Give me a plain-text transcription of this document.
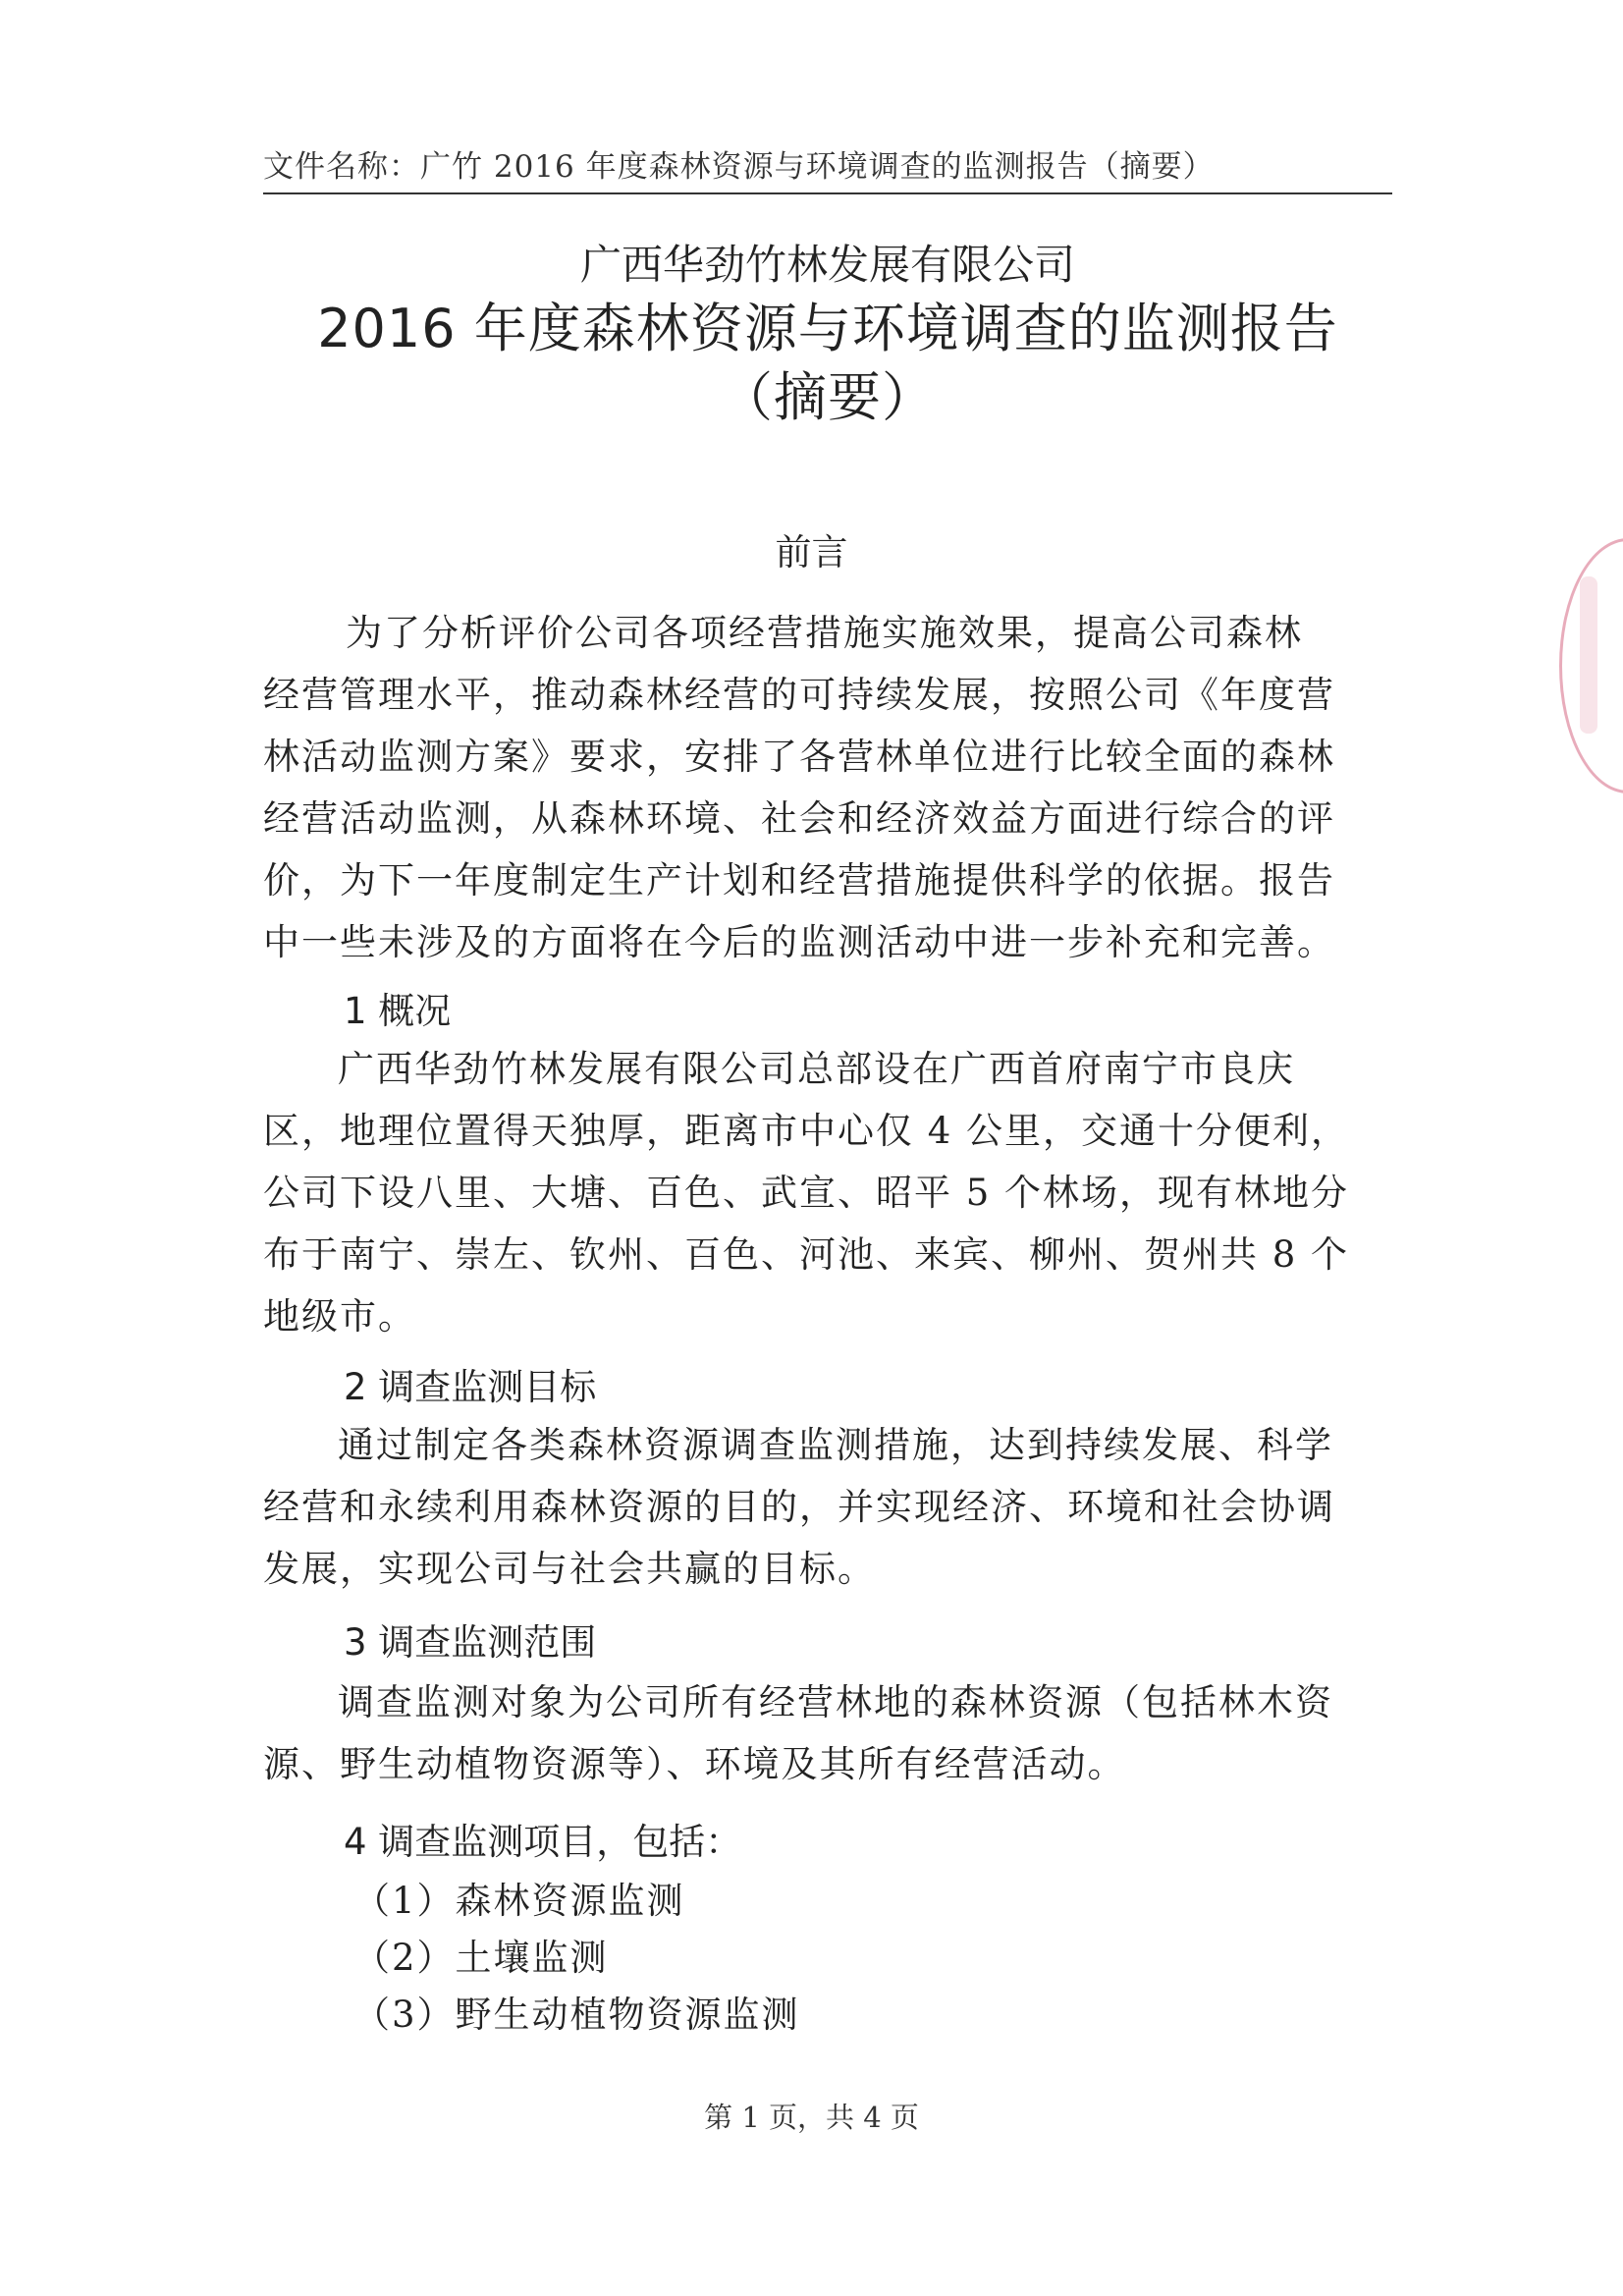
文件名称：广竹 2016 年度森林资源与环境调查的监测报告（摘要）
广西华劲竹林发展有限公司
2016 年度森林资源与环境调查的监测报告
（摘要）
前言
为了分析评价公司各项经营措施实施效果，提高公司森林
经营管理水平，推动森林经营的可持续发展，按照公司《年度营
林活动监测方案》要求，安排了各营林单位进行比较全面的森林
经营活动监测，从森林环境、社会和经济效益方面进行综合的评
价，为下一年度制定生产计划和经营措施提供科学的依据。报告
中一些未涉及的方面将在今后的监测活动中进一步补充和完善。
1 概况
广西华劲竹林发展有限公司总部设在广西首府南宁市良庆
区，地理位置得天独厚，距离市中心仅 4 公里，交通十分便利，
公司下设八里、大塘、百色、武宣、昭平 5 个林场，现有林地分
布于南宁、崇左、钦州、百色、河池、来宾、柳州、贺州共 8 个
地级市。
2 调查监测目标
通过制定各类森林资源调查监测措施，达到持续发展、科学
经营和永续利用森林资源的目的，并实现经济、环境和社会协调
发展，实现公司与社会共赢的目标。
3 调查监测范围
调查监测对象为公司所有经营林地的森林资源（包括林木资
源、野生动植物资源等）、环境及其所有经营活动。
4 调查监测项目，包括：
（1）森林资源监测
（2）土壤监测
（3）野生动植物资源监测
第 1 页，共 4 页
